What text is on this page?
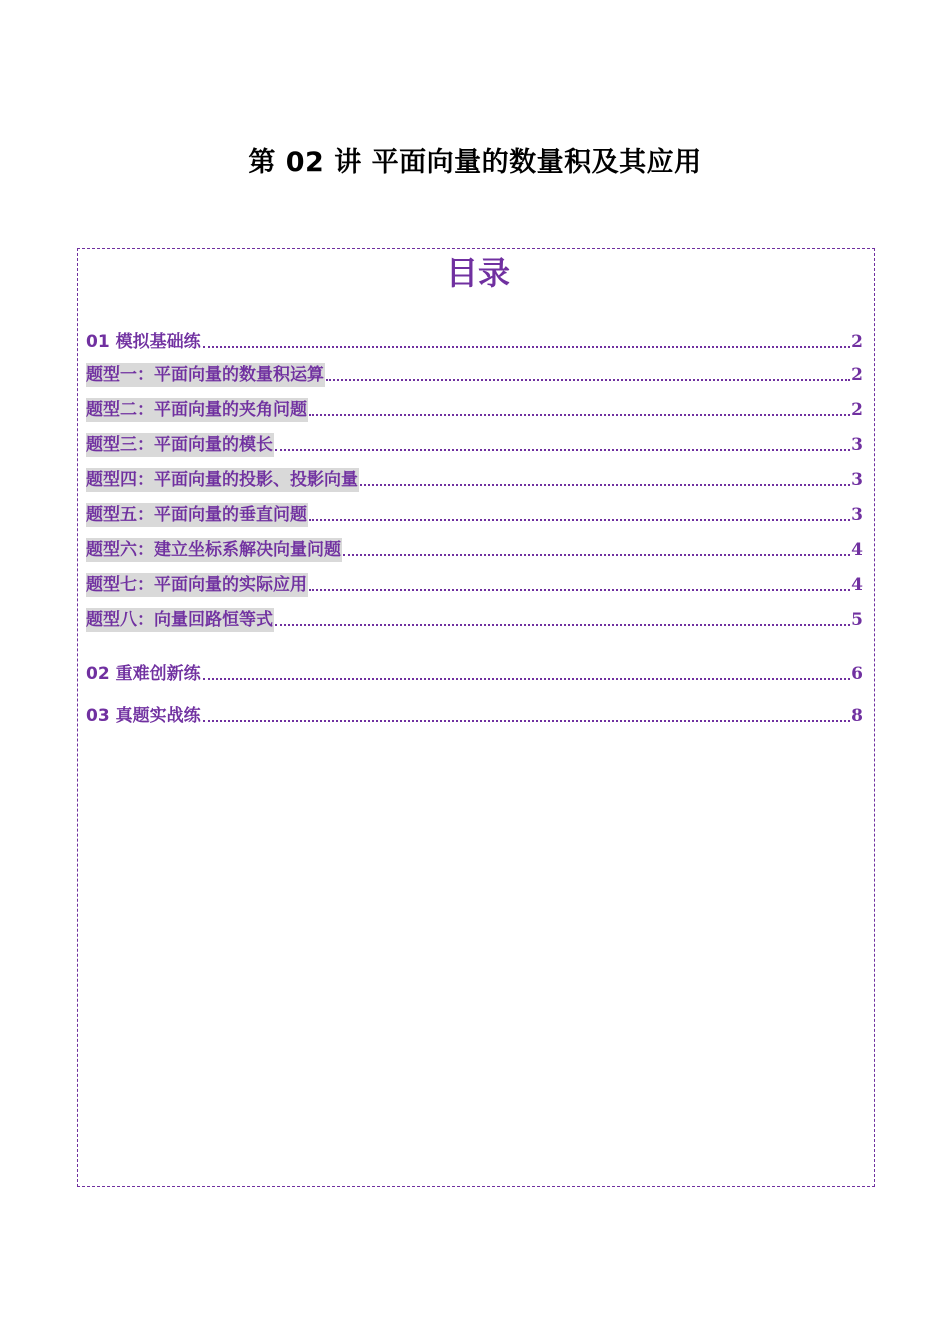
第 02 讲 平面向量的数量积及其应用
目录
01 模拟基础练	2
题型一：平面向量的数量积运算	2
题型二：平面向量的夹角问题	2
题型三：平面向量的模长	3
题型四：平面向量的投影、投影向量	3
题型五：平面向量的垂直问题	3
题型六：建立坐标系解决向量问题	4
题型七：平面向量的实际应用	4
题型八：向量回路恒等式	5
02 重难创新练	6
03 真题实战练	8
